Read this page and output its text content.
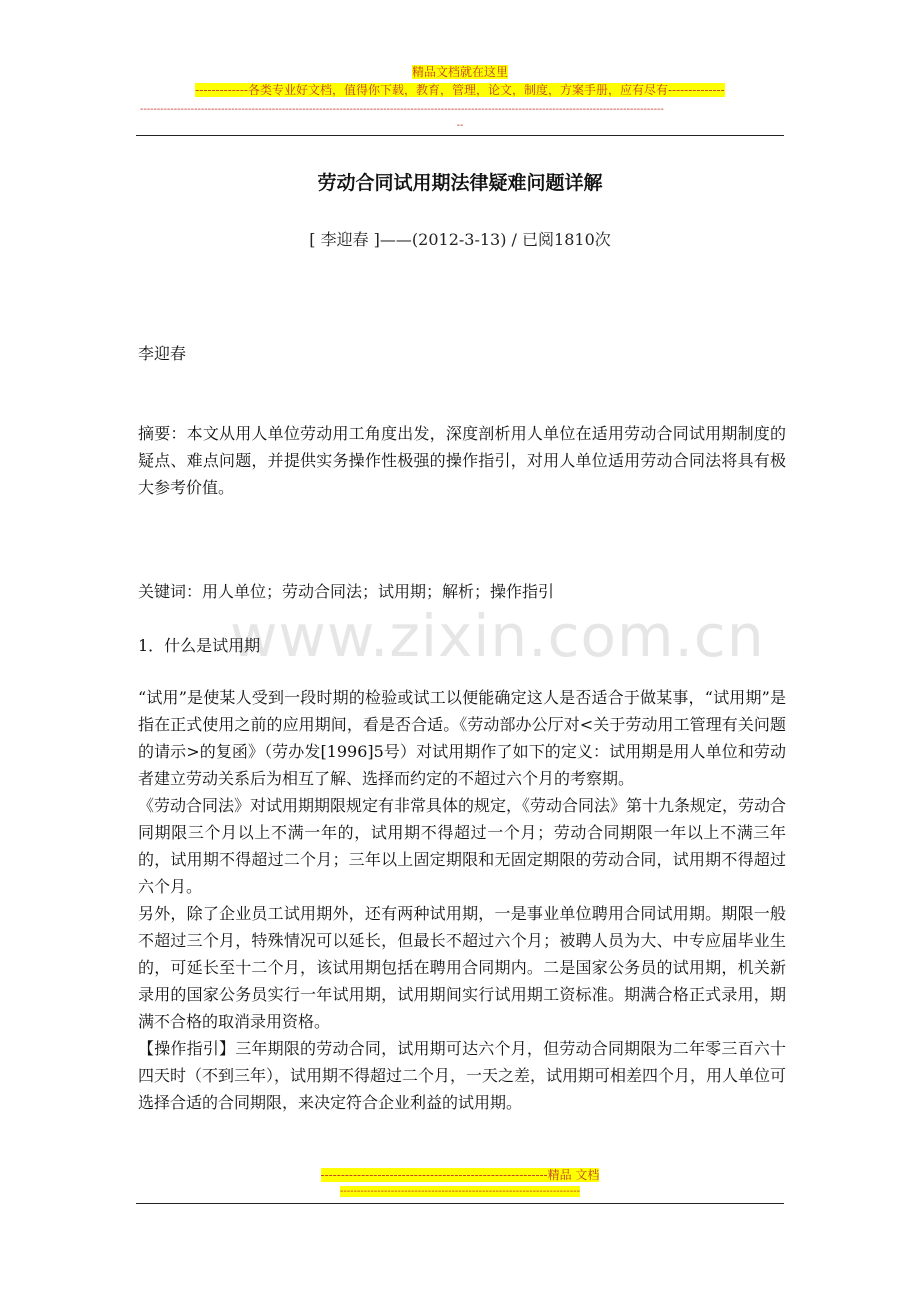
精品文档就在这里
-------------各类专业好文档，值得你下载，教育，管理，论文，制度，方案手册，应有尽有--------------
-----------------------------------------------------------------------------------------------------------------------------------------------------------
--
劳动合同试用期法律疑难问题详解
[ 李迎春 ]——(2012-3-13) / 已阅1810次
李迎春
摘要：本文从用人单位劳动用工角度出发，深度剖析用人单位在适用劳动合同试用期制度的疑点、难点问题，并提供实务操作性极强的操作指引，对用人单位适用劳动合同法将具有极大参考价值。
关键词：用人单位；劳动合同法；试用期；解析；操作指引
www.zixin.com.cn
1．什么是试用期

“试用”是使某人受到一段时期的检验或试工以便能确定这人是否适合于做某事，“试用期”是指在正式使用之前的应用期间，看是否合适。《劳动部办公厅对<关于劳动用工管理有关问题的请示>的复函》（劳办发[1996]5号）对试用期作了如下的定义：试用期是用人单位和劳动者建立劳动关系后为相互了解、选择而约定的不超过六个月的考察期。

《劳动合同法》对试用期期限规定有非常具体的规定，《劳动合同法》第十九条规定，劳动合同期限三个月以上不满一年的，试用期不得超过一个月；劳动合同期限一年以上不满三年的，试用期不得超过二个月；三年以上固定期限和无固定期限的劳动合同，试用期不得超过六个月。

另外，除了企业员工试用期外，还有两种试用期，一是事业单位聘用合同试用期。期限一般不超过三个月，特殊情况可以延长，但最长不超过六个月；被聘人员为大、中专应届毕业生的，可延长至十二个月，该试用期包括在聘用合同期内。二是国家公务员的试用期，机关新录用的国家公务员实行一年试用期，试用期间实行试用期工资标准。期满合格正式录用，期满不合格的取消录用资格。

【操作指引】三年期限的劳动合同，试用期可达六个月，但劳动合同期限为二年零三百六十四天时（不到三年），试用期不得超过二个月，一天之差，试用期可相差四个月，用人单位可选择合适的合同期限，来决定符合企业利益的试用期。

--------------------------------------------------------精品 文档
-----------------------------------------------------------------------
